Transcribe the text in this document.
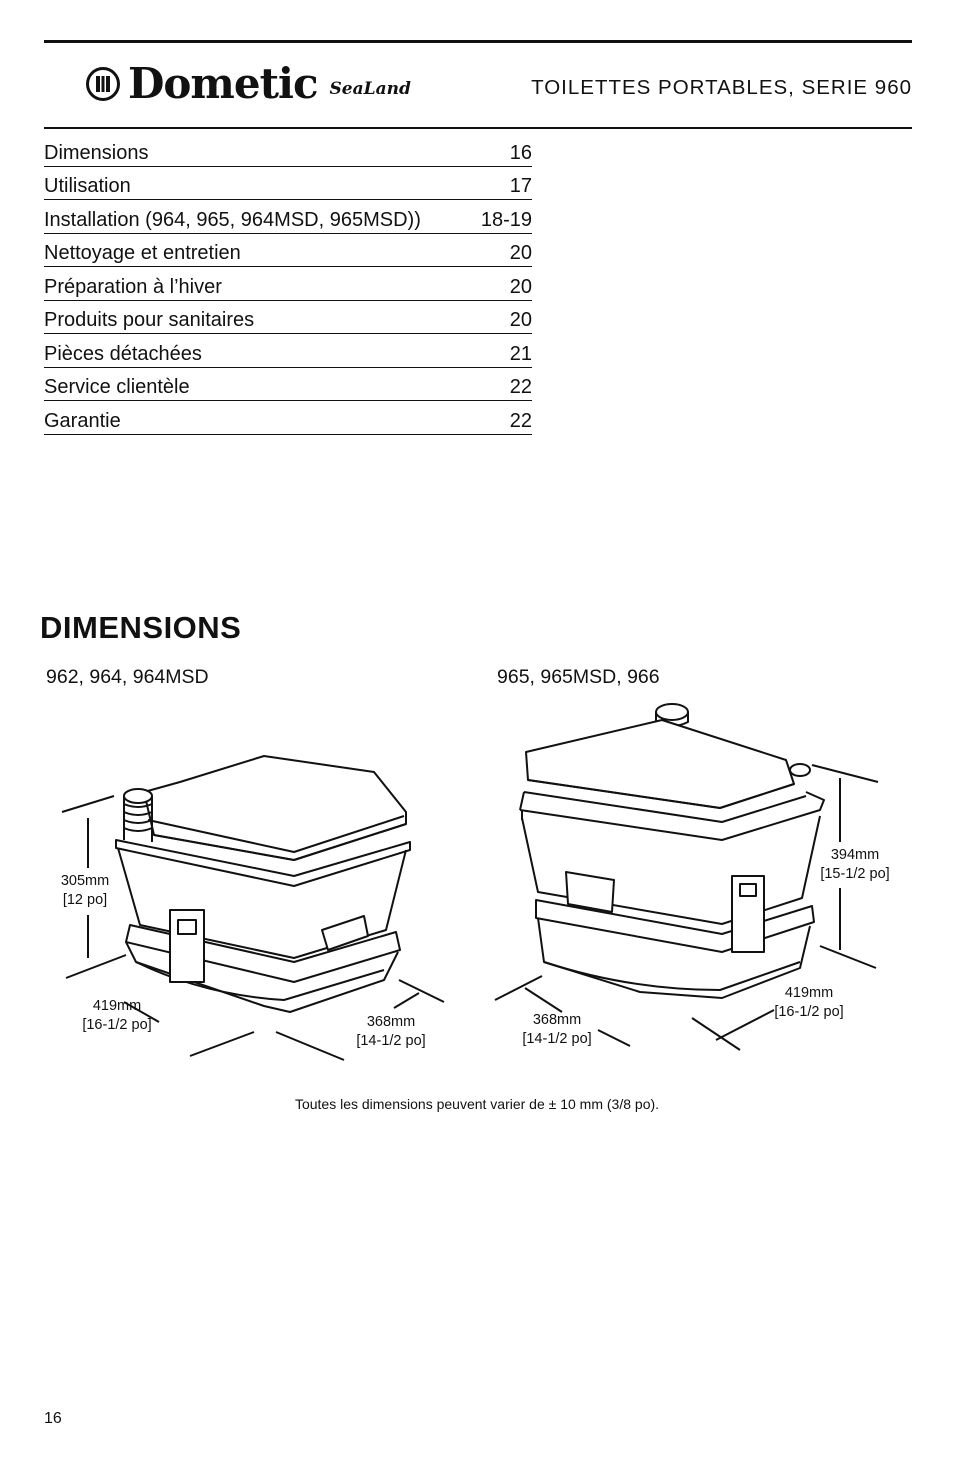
Dometic SeaLand	TOILETTES PORTABLES, SERIE 960
Dimensions	16
Utilisation	17
Installation (964, 965, 964MSD, 965MSD))	18-19
Nettoyage et entretien	20
Préparation à l’hiver	20
Produits pour sanitaires	20
Pièces détachées	21
Service clientèle	22
Garantie	22
DIMENSIONS
962, 964, 964MSD	965, 965MSD, 966
305mm
[12 po]
419mm
[16-1/2 po]	368mm
[14-1/2 po]
394mm
[15-1/2 po]
419mm
[16-1/2 po]
368mm
[14-1/2 po]
Toutes les dimensions peuvent varier de ± 10 mm (3/8 po).
16
